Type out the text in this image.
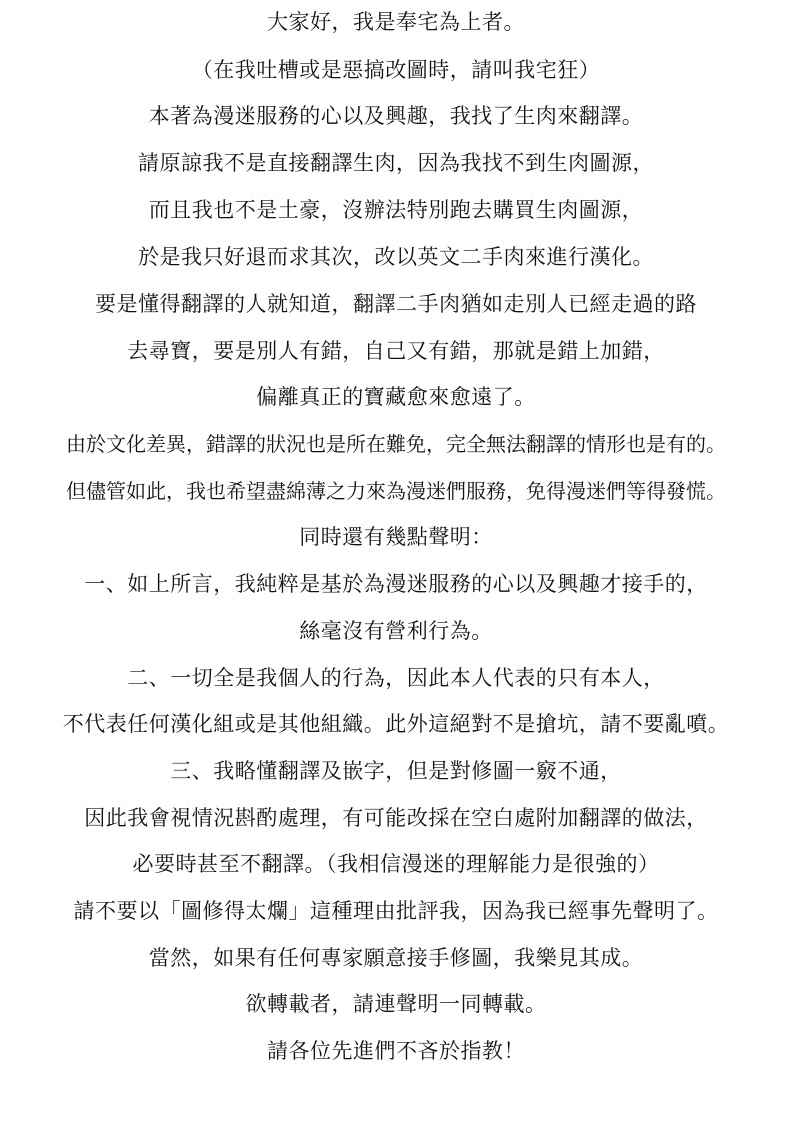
大家好，我是奉宅為上者。
（在我吐槽或是惡搞改圖時，請叫我宅狂）
本著為漫迷服務的心以及興趣，我找了生肉來翻譯。
請原諒我不是直接翻譯生肉，因為我找不到生肉圖源，
而且我也不是土豪，沒辦法特別跑去購買生肉圖源，
於是我只好退而求其次，改以英文二手肉來進行漢化。
要是懂得翻譯的人就知道，翻譯二手肉猶如走別人已經走過的路
去尋寶，要是別人有錯，自己又有錯，那就是錯上加錯，
偏離真正的寶藏愈來愈遠了。
由於文化差異，錯譯的狀況也是所在難免，完全無法翻譯的情形也是有的。
但儘管如此，我也希望盡綿薄之力來為漫迷們服務，免得漫迷們等得發慌。
同時還有幾點聲明：
一、如上所言，我純粹是基於為漫迷服務的心以及興趣才接手的，
絲毫沒有營利行為。
二、一切全是我個人的行為，因此本人代表的只有本人，
不代表任何漢化組或是其他組織。此外這絕對不是搶坑，請不要亂噴。
三、我略懂翻譯及嵌字，但是對修圖一竅不通，
因此我會視情況斟酌處理，有可能改採在空白處附加翻譯的做法，
必要時甚至不翻譯。（我相信漫迷的理解能力是很強的）
請不要以「圖修得太爛」這種理由批評我，因為我已經事先聲明了。
當然，如果有任何專家願意接手修圖，我樂見其成。
欲轉載者，請連聲明一同轉載。
請各位先進們不吝於指教！
